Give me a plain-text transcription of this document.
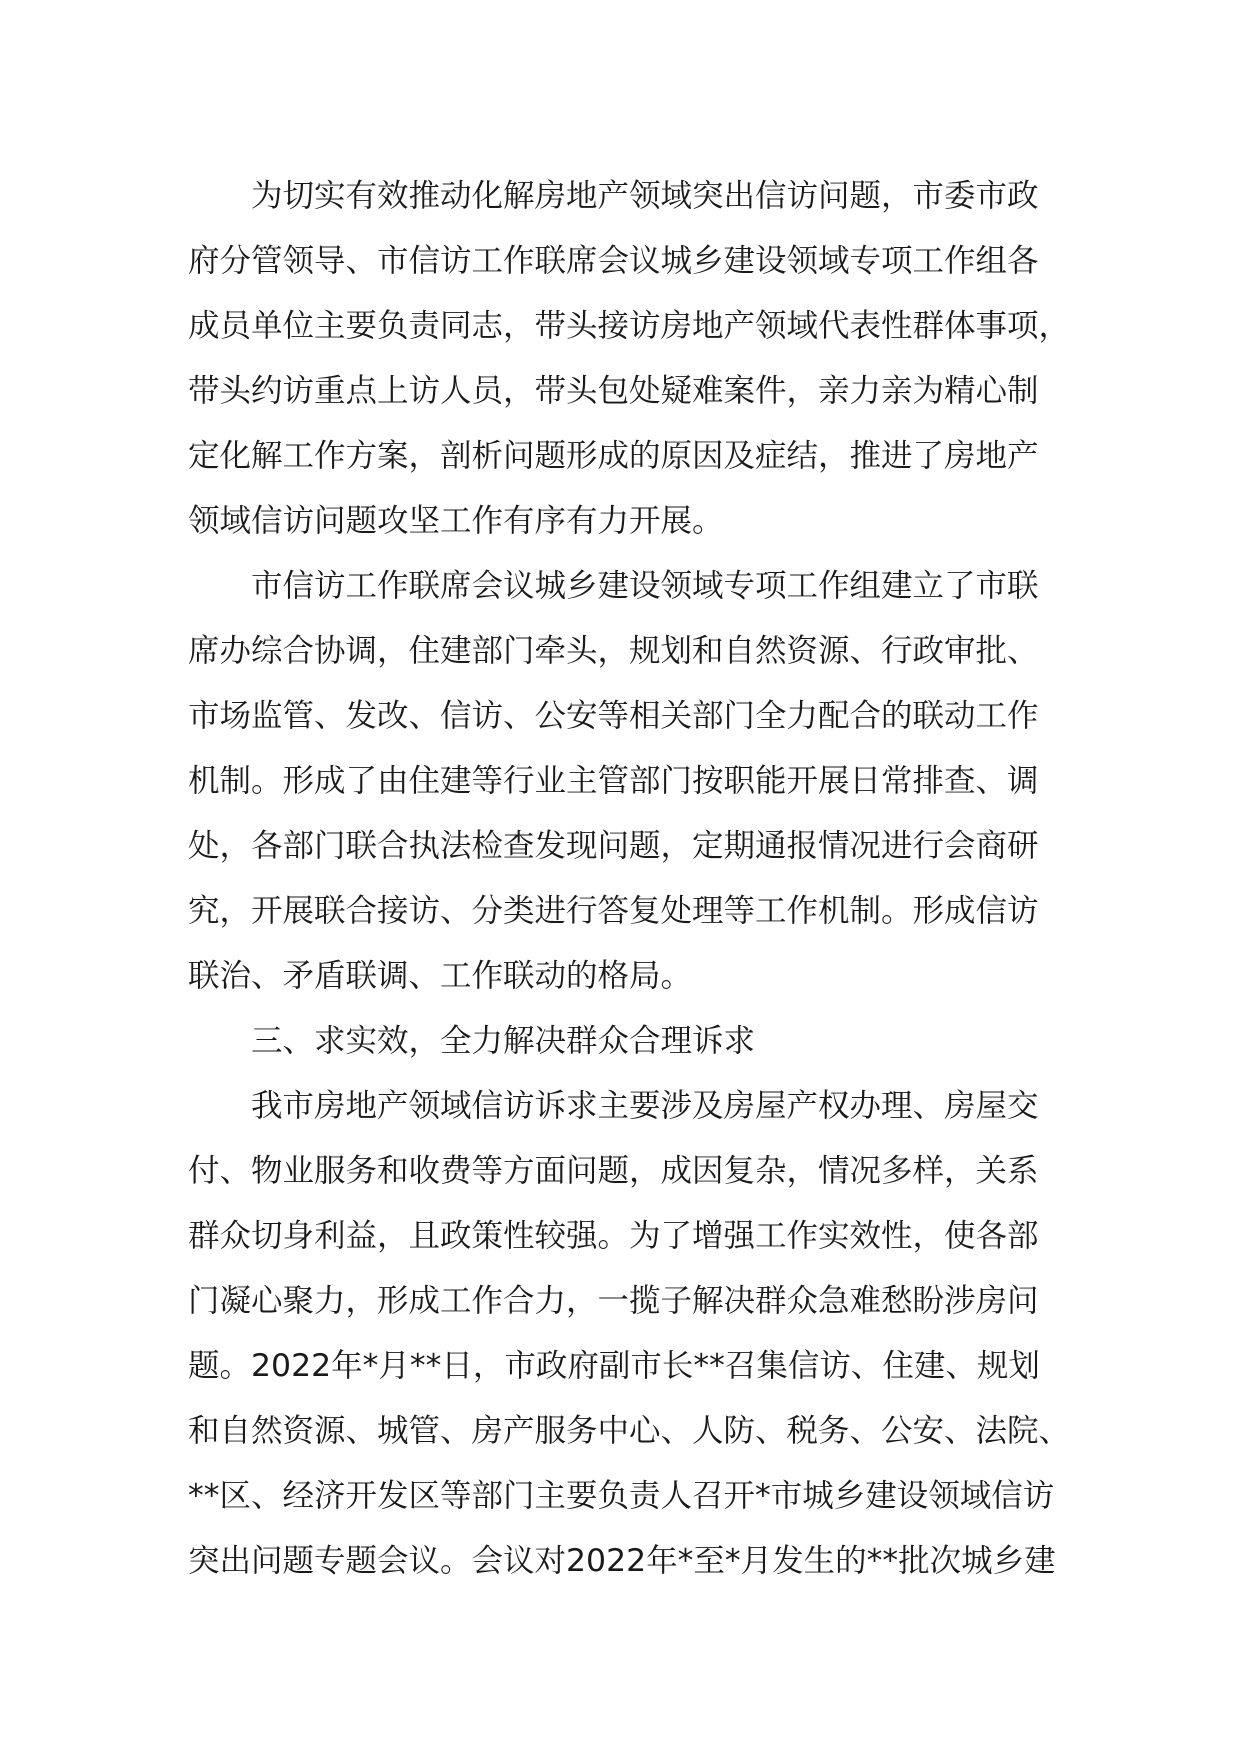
为切实有效推动化解房地产领域突出信访问题，市委市政
府分管领导、市信访工作联席会议城乡建设领域专项工作组各
成员单位主要负责同志，带头接访房地产领域代表性群体事项，
带头约访重点上访人员，带头包处疑难案件，亲力亲为精心制
定化解工作方案，剖析问题形成的原因及症结，推进了房地产
领域信访问题攻坚工作有序有力开展。
市信访工作联席会议城乡建设领域专项工作组建立了市联
席办综合协调，住建部门牵头，规划和自然资源、行政审批、
市场监管、发改、信访、公安等相关部门全力配合的联动工作
机制。形成了由住建等行业主管部门按职能开展日常排查、调
处，各部门联合执法检查发现问题，定期通报情况进行会商研
究，开展联合接访、分类进行答复处理等工作机制。形成信访
联治、矛盾联调、工作联动的格局。
三、求实效，全力解决群众合理诉求
我市房地产领域信访诉求主要涉及房屋产权办理、房屋交
付、物业服务和收费等方面问题，成因复杂，情况多样，关系
群众切身利益，且政策性较强。为了增强工作实效性，使各部
门凝心聚力，形成工作合力，一揽子解决群众急难愁盼涉房问
题。2022年*月**日，市政府副市长**召集信访、住建、规划
和自然资源、城管、房产服务中心、人防、税务、公安、法院、
**区、经济开发区等部门主要负责人召开*市城乡建设领域信访
突出问题专题会议。会议对2022年*至*月发生的**批次城乡建
